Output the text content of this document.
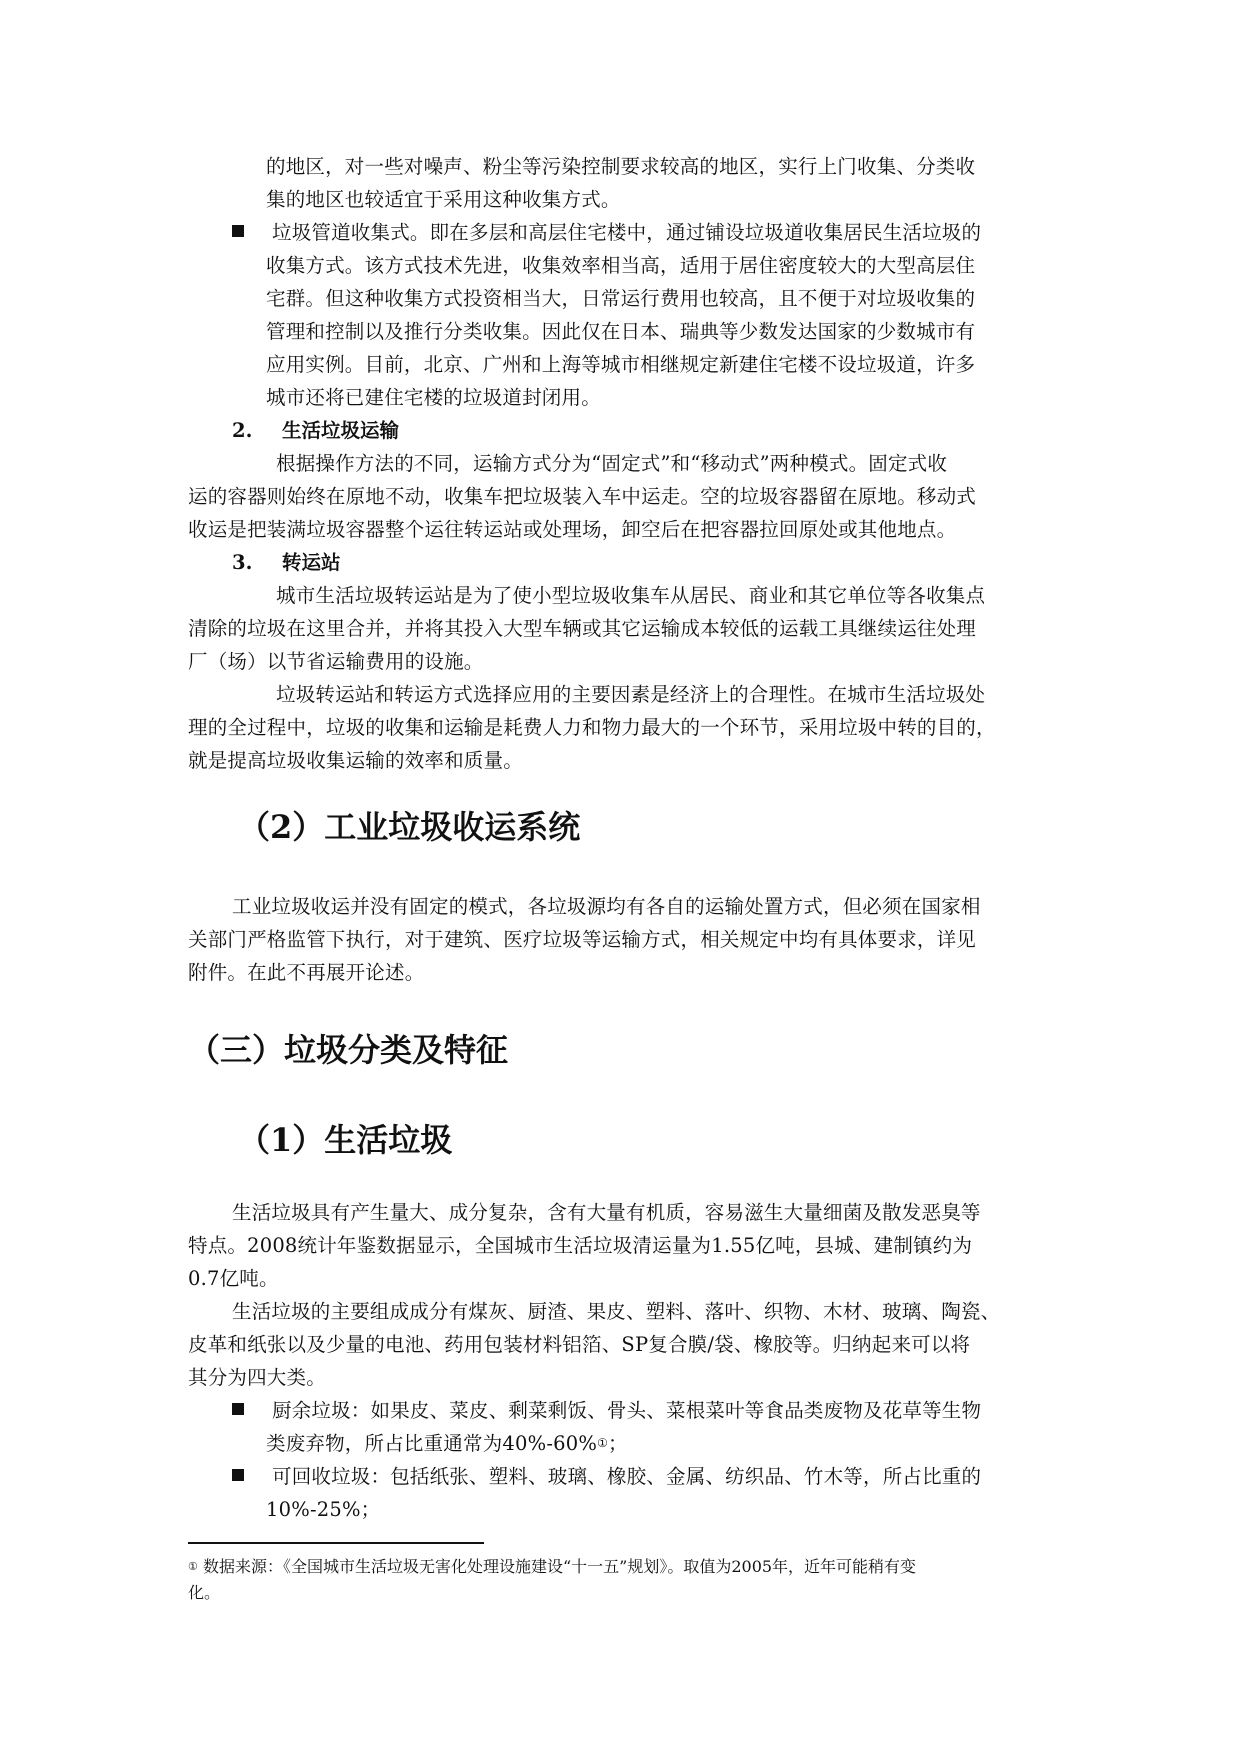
的地区，对一些对噪声、粉尘等污染控制要求较高的地区，实行上门收集、分类收
集的地区也较适宜于采用这种收集方式。
垃圾管道收集式。即在多层和高层住宅楼中，通过铺设垃圾道收集居民生活垃圾的
收集方式。该方式技术先进，收集效率相当高，适用于居住密度较大的大型高层住
宅群。但这种收集方式投资相当大，日常运行费用也较高，且不便于对垃圾收集的
管理和控制以及推行分类收集。因此仅在日本、瑞典等少数发达国家的少数城市有
应用实例。目前，北京、广州和上海等城市相继规定新建住宅楼不设垃圾道，许多
城市还将已建住宅楼的垃圾道封闭用。
2. 生活垃圾运输
根据操作方法的不同，运输方式分为“固定式”和“移动式”两种模式。固定式收
运的容器则始终在原地不动，收集车把垃圾装入车中运走。空的垃圾容器留在原地。移动式
收运是把装满垃圾容器整个运往转运站或处理场，卸空后在把容器拉回原处或其他地点。
3. 转运站
城市生活垃圾转运站是为了使小型垃圾收集车从居民、商业和其它单位等各收集点
清除的垃圾在这里合并，并将其投入大型车辆或其它运输成本较低的运载工具继续运往处理
厂（场）以节省运输费用的设施。
垃圾转运站和转运方式选择应用的主要因素是经济上的合理性。在城市生活垃圾处
理的全过程中，垃圾的收集和运输是耗费人力和物力最大的一个环节，采用垃圾中转的目的，
就是提高垃圾收集运输的效率和质量。
（2）工业垃圾收运系统
工业垃圾收运并没有固定的模式，各垃圾源均有各自的运输处置方式，但必须在国家相
关部门严格监管下执行，对于建筑、医疗垃圾等运输方式，相关规定中均有具体要求，详见
附件。在此不再展开论述。
（三）垃圾分类及特征
（1）生活垃圾
生活垃圾具有产生量大、成分复杂，含有大量有机质，容易滋生大量细菌及散发恶臭等
特点。2008统计年鉴数据显示，全国城市生活垃圾清运量为1.55亿吨，县城、建制镇约为
0.7亿吨。
生活垃圾的主要组成成分有煤灰、厨渣、果皮、塑料、落叶、织物、木材、玻璃、陶瓷、
皮革和纸张以及少量的电池、药用包装材料铝箔、SP复合膜/袋、橡胶等。归纳起来可以将
其分为四大类。
厨余垃圾：如果皮、菜皮、剩菜剩饭、骨头、菜根菜叶等食品类废物及花草等生物
类废弃物，所占比重通常为40%-60%①；
可回收垃圾：包括纸张、塑料、玻璃、橡胶、金属、纺织品、竹木等，所占比重的
10%-25%；
① 数据来源：《全国城市生活垃圾无害化处理设施建设“十一五”规划》。取值为2005年，近年可能稍有变
化。
